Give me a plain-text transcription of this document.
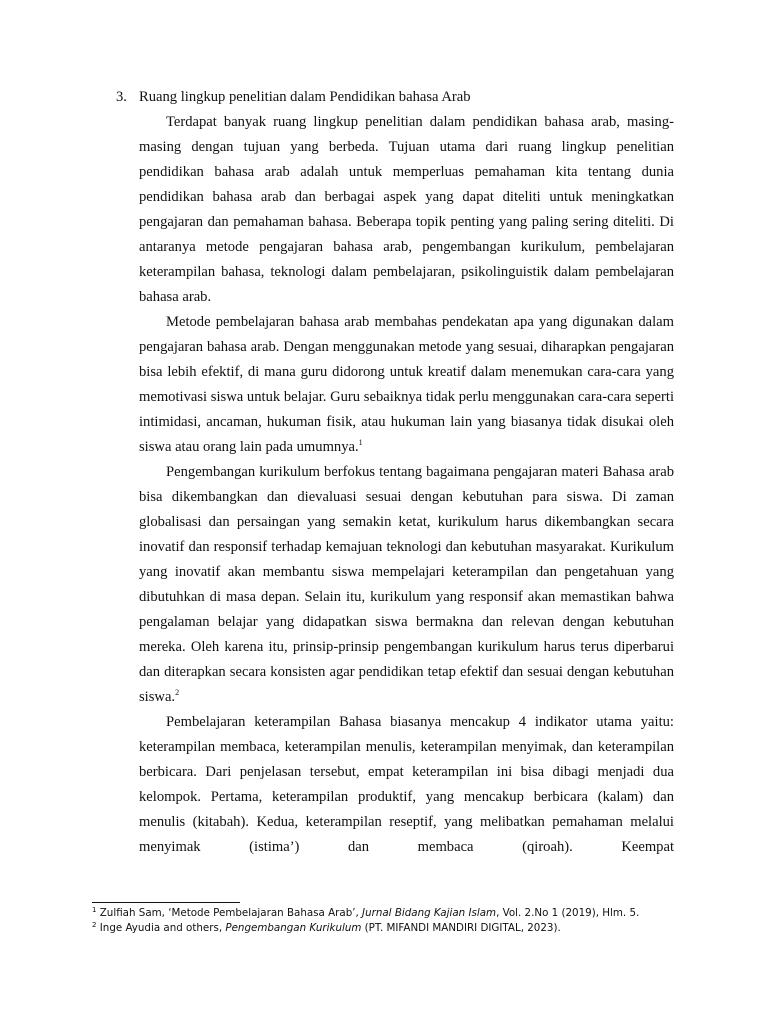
3. Ruang lingkup penelitian dalam Pendidikan bahasa Arab

Terdapat banyak ruang lingkup penelitian dalam pendidikan bahasa arab, masing-masing dengan tujuan yang berbeda. Tujuan utama dari ruang lingkup penelitian pendidikan bahasa arab adalah untuk memperluas pemahaman kita tentang dunia pendidikan bahasa arab dan berbagai aspek yang dapat diteliti untuk meningkatkan pengajaran dan pemahaman bahasa. Beberapa topik penting yang paling sering diteliti. Di antaranya metode pengajaran bahasa arab, pengembangan kurikulum, pembelajaran keterampilan bahasa, teknologi dalam pembelajaran, psikolinguistik dalam pembelajaran bahasa arab.

Metode pembelajaran bahasa arab membahas pendekatan apa yang digunakan dalam pengajaran bahasa arab. Dengan menggunakan metode yang sesuai, diharapkan pengajaran bisa lebih efektif, di mana guru didorong untuk kreatif dalam menemukan cara-cara yang memotivasi siswa untuk belajar. Guru sebaiknya tidak perlu menggunakan cara-cara seperti intimidasi, ancaman, hukuman fisik, atau hukuman lain yang biasanya tidak disukai oleh siswa atau orang lain pada umumnya.$^1$

Pengembangan kurikulum berfokus tentang bagaimana pengajaran materi Bahasa arab bisa dikembangkan dan dievaluasi sesuai dengan kebutuhan para siswa. Di zaman globalisasi dan persaingan yang semakin ketat, kurikulum harus dikembangkan secara inovatif dan responsif terhadap kemajuan teknologi dan kebutuhan masyarakat. Kurikulum yang inovatif akan membantu siswa mempelajari keterampilan dan pengetahuan yang dibutuhkan di masa depan. Selain itu, kurikulum yang responsif akan memastikan bahwa pengalaman belajar yang didapatkan siswa bermakna dan relevan dengan kebutuhan mereka. Oleh karena itu, prinsip-prinsip pengembangan kurikulum harus terus diperbarui dan diterapkan secara konsisten agar pendidikan tetap efektif dan sesuai dengan kebutuhan siswa.$^2$

Pembelajaran keterampilan Bahasa biasanya mencakup 4 indikator utama yaitu: keterampilan membaca, keterampilan menulis, keterampilan menyimak, dan keterampilan berbicara. Dari penjelasan tersebut, empat keterampilan ini bisa dibagi menjadi dua kelompok. Pertama, keterampilan produktif, yang mencakup berbicara (kalam) dan menulis (kitabah). Kedua, keterampilan reseptif, yang melibatkan pemahaman melalui menyimak (istima’) dan membaca (qiroah). Keempat

$^1$ Zulfiah Sam, ‘Metode Pembelajaran Bahasa Arab’, Jurnal Bidang Kajian Islam, Vol. 2.No 1 (2019), Hlm. 5.
$^2$ Inge Ayudia and others, Pengembangan Kurikulum (PT. MIFANDI MANDIRI DIGITAL, 2023).
